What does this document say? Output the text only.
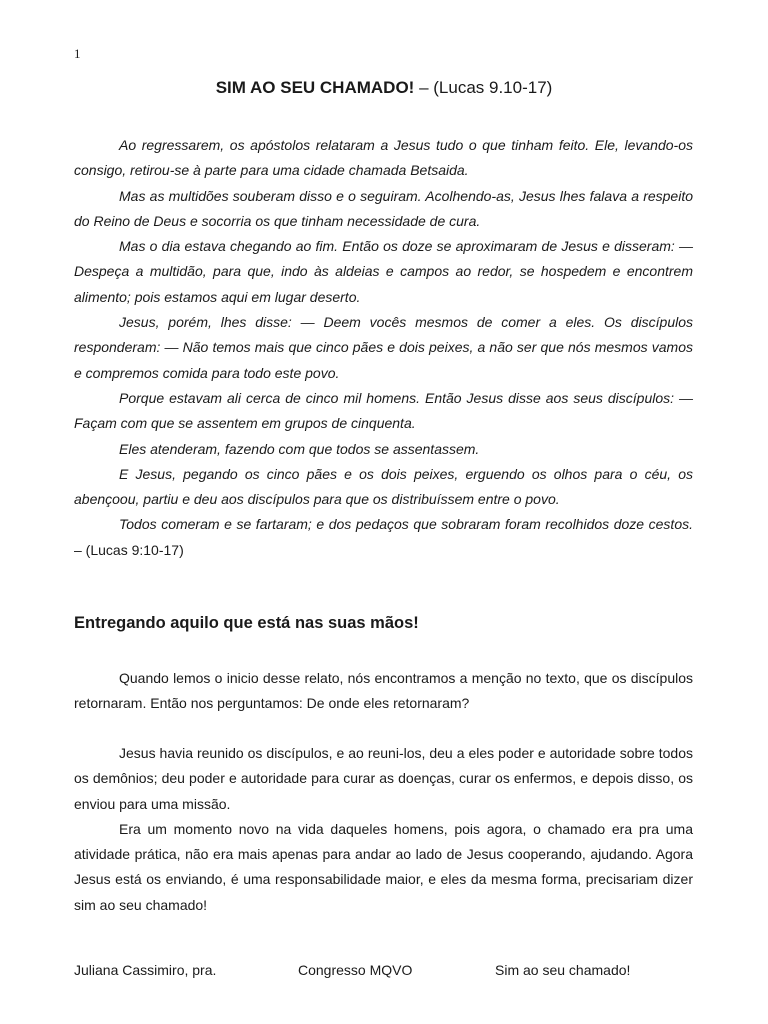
1
SIM AO SEU CHAMADO! – (Lucas 9.10-17)

Ao regressarem, os apóstolos relataram a Jesus tudo o que tinham feito. Ele, levando-os consigo, retirou-se à parte para uma cidade chamada Betsaida.

Mas as multidões souberam disso e o seguiram. Acolhendo-as, Jesus lhes falava a respeito do Reino de Deus e socorria os que tinham necessidade de cura.

Mas o dia estava chegando ao fim. Então os doze se aproximaram de Jesus e disseram: — Despeça a multidão, para que, indo às aldeias e campos ao redor, se hospedem e encontrem alimento; pois estamos aqui em lugar deserto.

Jesus, porém, lhes disse: — Deem vocês mesmos de comer a eles. Os discípulos responderam: — Não temos mais que cinco pães e dois peixes, a não ser que nós mesmos vamos e compremos comida para todo este povo.

Porque estavam ali cerca de cinco mil homens. Então Jesus disse aos seus discípulos: — Façam com que se assentem em grupos de cinquenta.

Eles atenderam, fazendo com que todos se assentassem.

E Jesus, pegando os cinco pães e os dois peixes, erguendo os olhos para o céu, os abençoou, partiu e deu aos discípulos para que os distribuíssem entre o povo.

Todos comeram e se fartaram; e dos pedaços que sobraram foram recolhidos doze cestos. – (Lucas 9:10-17)

Entregando aquilo que está nas suas mãos!

Quando lemos o inicio desse relato, nós encontramos a menção no texto, que os discípulos retornaram. Então nos perguntamos: De onde eles retornaram?

Jesus havia reunido os discípulos, e ao reuni-los, deu a eles poder e autoridade sobre todos os demônios; deu poder e autoridade para curar as doenças, curar os enfermos, e depois disso, os enviou para uma missão.

Era um momento novo na vida daqueles homens, pois agora, o chamado era pra uma atividade prática, não era mais apenas para andar ao lado de Jesus cooperando, ajudando. Agora Jesus está os enviando, é uma responsabilidade maior, e eles da mesma forma, precisariam dizer sim ao seu chamado!

Juliana Cassimiro, pra.	Congresso MQVO	Sim ao seu chamado!
